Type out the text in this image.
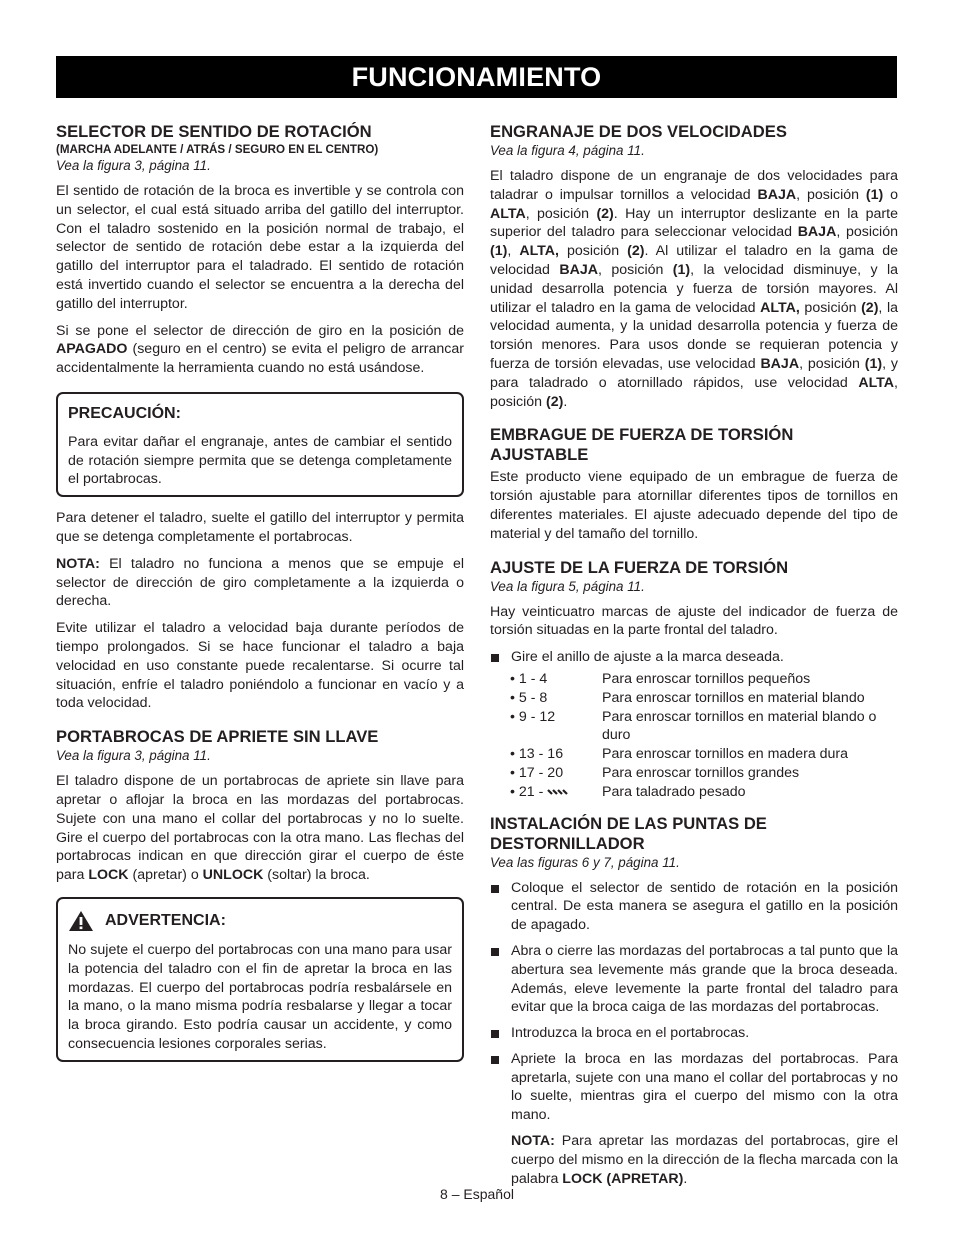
FUNCIONAMIENTO
SELECTOR DE SENTIDO DE ROTACIÓN
(MARCHA ADELANTE / ATRÁS / SEGURO EN EL CENTRO)
Vea la figura 3, página 11.

El sentido de rotación de la broca es invertible y se controla con un selector, el cual está situado arriba del gatillo del interruptor. Con el taladro sostenido en la posición normal de trabajo, el selector de sentido de rotación debe estar a la izquierda del gatillo del interruptor para el taladrado. El sentido de rotación está invertido cuando el selector se encuentra a la derecha del gatillo del interruptor.

Si se pone el selector de dirección de giro en la posición de APAGADO (seguro en el centro) se evita el peligro de arrancar accidentalmente la herramienta cuando no está usándose.

PRECAUCIÓN:

Para evitar dañar el engranaje, antes de cambiar el sentido de rotación siempre permita que se detenga completamente el portabrocas.

Para detener el taladro, suelte el gatillo del interruptor y permita que se detenga completamente el portabrocas.

NOTA: El taladro no funciona a menos que se empuje el selector de dirección de giro completamente a la izquierda o derecha.

Evite utilizar el taladro a velocidad baja durante períodos de tiempo prolongados. Si se hace funcionar el taladro a baja velocidad en uso constante puede recalentarse. Si ocurre tal situación, enfríe el taladro poniéndolo a funcionar en vacío y a toda velocidad.

PORTABROCAS DE APRIETE SIN LLAVE
Vea la figura 3, página 11.

El taladro dispone de un portabrocas de apriete sin llave para apretar o aflojar la broca en las mordazas del portabrocas. Sujete con una mano el collar del portabrocas y no lo suelte. Gire el cuerpo del portabrocas con la otra mano. Las flechas del portabrocas indican en que dirección girar el cuerpo de éste para LOCK (apretar) o UNLOCK (soltar) la broca.

ADVERTENCIA:

No sujete el cuerpo del portabrocas con una mano para usar la potencia del taladro con el fin de apretar la broca en las mordazas. El cuerpo del portabrocas podría resbalársele en la mano, o la mano misma podría resbalarse y llegar a tocar la broca girando. Esto podría causar un accidente, y como consecuencia lesiones corporales serias.

ENGRANAJE DE DOS VELOCIDADES
Vea la figura 4, página 11.

El taladro dispone de un engranaje de dos velocidades para taladrar o impulsar tornillos a velocidad BAJA, posición (1) o ALTA, posición (2). Hay un interruptor deslizante en la parte superior del taladro para seleccionar velocidad BAJA, posición (1), ALTA, posición (2). Al utilizar el taladro en la gama de velocidad BAJA, posición (1), la velocidad disminuye, y la unidad desarrolla potencia y fuerza de torsión mayores. Al utilizar el taladro en la gama de velocidad ALTA, posición (2), la velocidad aumenta, y la unidad desarrolla potencia y fuerza de torsión menores. Para usos donde se requieran potencia y fuerza de torsión elevadas, use velocidad BAJA, posición (1), y para taladrado o atornillado rápidos, use velocidad ALTA, posición (2).

EMBRAGUE DE FUERZA DE TORSIÓN
AJUSTABLE

Este producto viene equipado de un embrague de fuerza de torsión ajustable para atornillar diferentes tipos de tornillos en diferentes materiales. El ajuste adecuado depende del tipo de material y del tamaño del tornillo.

AJUSTE DE LA FUERZA DE TORSIÓN
Vea la figura 5, página 11.

Hay veinticuatro marcas de ajuste del indicador de fuerza de torsión situadas en la parte frontal del taladro.

Gire el anillo de ajuste a la marca deseada.
• 1 - 4	Para enroscar tornillos pequeños
• 5 - 8	Para enroscar tornillos en material blando
• 9 - 12	Para enroscar tornillos en material blando o duro
• 13 - 16	Para enroscar tornillos en madera dura
• 17 - 20	Para enroscar tornillos grandes
• 21 -	Para taladrado pesado
INSTALACIÓN DE LAS PUNTAS DE
DESTORNILLADOR
Vea las figuras 6 y 7, página 11.
Coloque el selector de sentido de rotación en la posición central. De esta manera se asegura el gatillo en la posición de apagado.
Abra o cierre las mordazas del portabrocas a tal punto que la abertura sea levemente más grande que la broca deseada. Además, eleve levemente la parte frontal del taladro para evitar que la broca caiga de las mordazas del portabrocas.
Introduzca la broca en el portabrocas.
Apriete la broca en las mordazas del portabrocas. Para apretarla, sujete con una mano el collar del portabrocas y no lo suelte, mientras gira el cuerpo del mismo con la otra mano.

NOTA: Para apretar las mordazas del portabrocas, gire el cuerpo del mismo en la dirección de la flecha marcada con la palabra LOCK (APRETAR).

8 – Español
